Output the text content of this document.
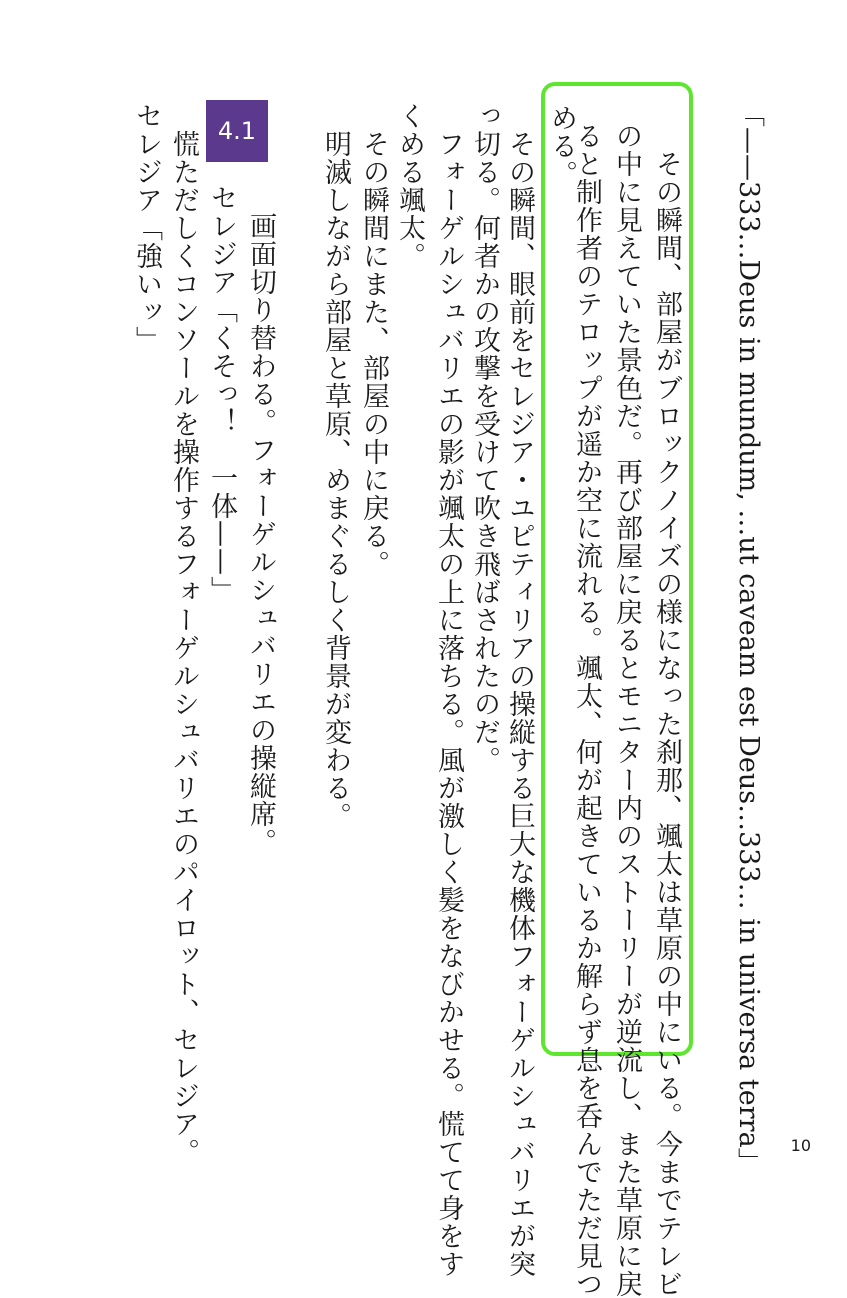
「——333…Deus in mundum, …ut caveam est Deus…333… in universa terra」
　その瞬間、部屋がブロックノイズの様になった刹那、颯太は草原の中にいる。今までテレビ
の中に見えていた景色だ。再び部屋に戻るとモニター内のストーリーが逆流し、また草原に戻
ると制作者のテロップが遥か空に流れる。颯太、何が起きているか解らず息を呑んでただ見つ
める。
　その瞬間、眼前をセレジア・ユピティリアの操縦する巨大な機体フォーゲルシュバリエが突
っ切る。何者かの攻撃を受けて吹き飛ばされたのだ。
　フォーゲルシュバリエの影が颯太の上に落ちる。風が激しく髪をなびかせる。慌てて身をす
くめる颯太。
　その瞬間にまた、部屋の中に戻る。
　明滅しながら部屋と草原、めまぐるしく背景が変わる。
4.1
　画面切り替わる。フォーゲルシュバリエの操縦席。
セレジア「くそっ！　一体——」
　慌ただしくコンソールを操作するフォーゲルシュバリエのパイロット、セレジア。
セレジア「強いッ」
10
